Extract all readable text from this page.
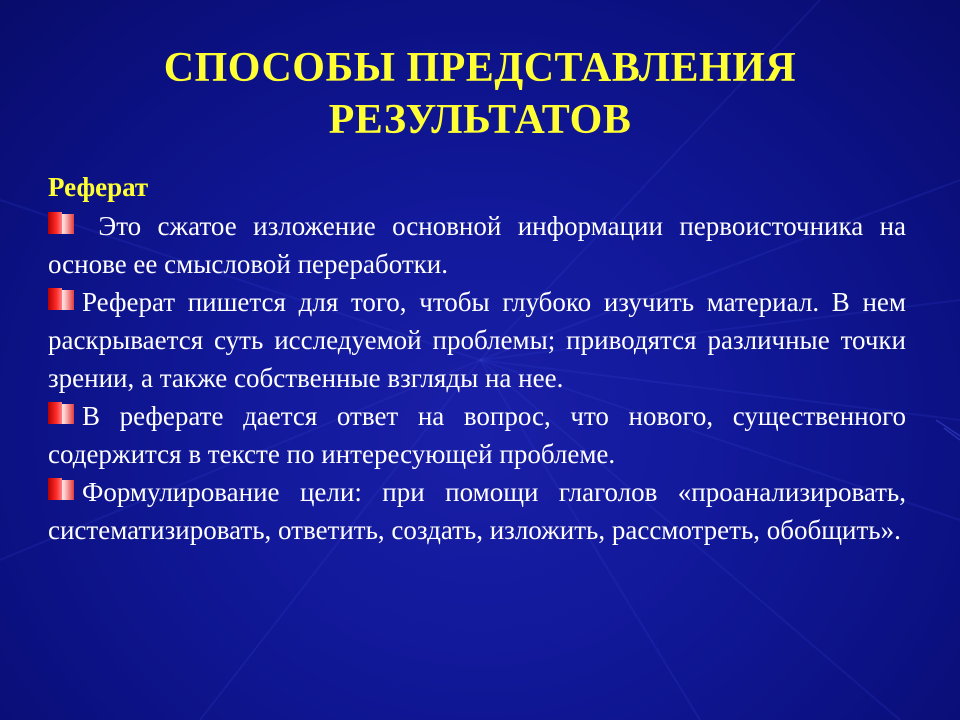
СПОСОБЫ ПРЕДСТАВЛЕНИЯ
РЕЗУЛЬТАТОВ

Реферат

Это сжатое изложение основной информации первоисточника на основе ее смысловой переработки.

Реферат пишется для того, чтобы глубоко изучить материал. В нем раскрывается суть исследуемой проблемы; приводятся различные точки зрении, а также собственные взгляды на нее.

В реферате дается ответ на вопрос, что нового, существенного содержится в тексте по интересующей проблеме.

Формулирование цели: при помощи глаголов «проанализировать, систематизировать, ответить, создать, изложить, рассмотреть, обобщить».
